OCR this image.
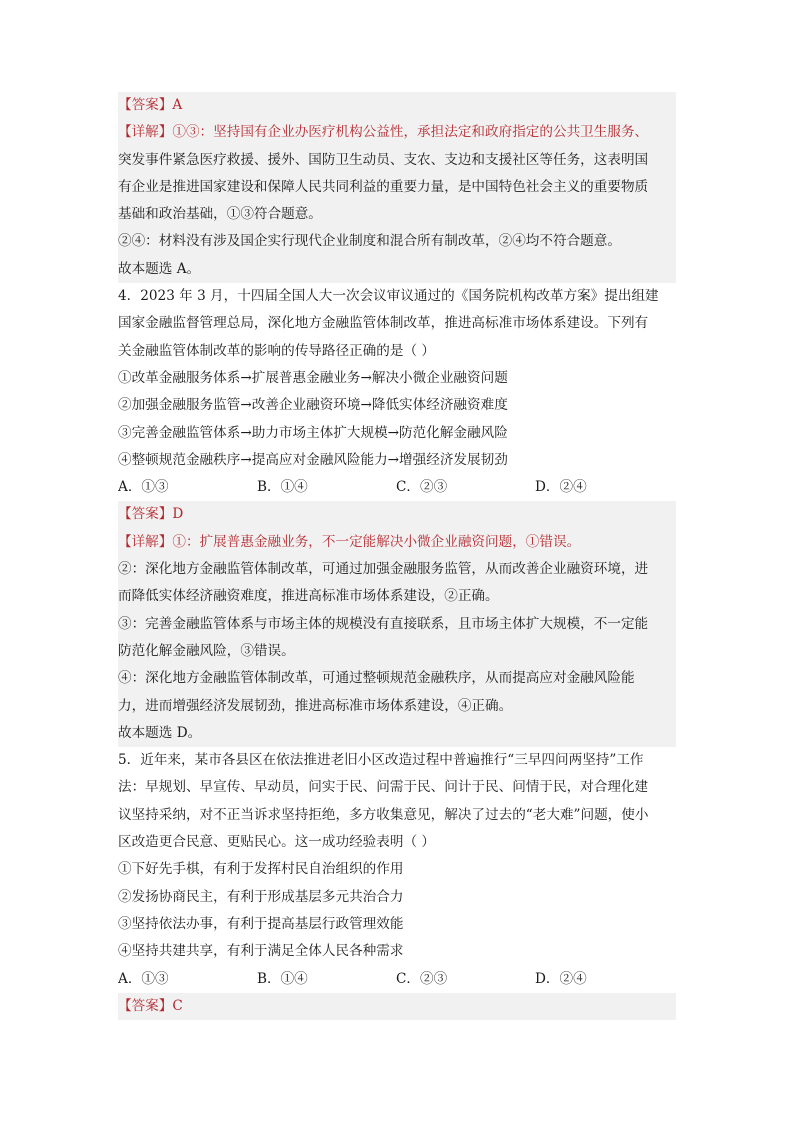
【答案】A
【详解】①③：坚持国有企业办医疗机构公益性，承担法定和政府指定的公共卫生服务、
突发事件紧急医疗救援、援外、国防卫生动员、支农、支边和支援社区等任务，这表明国
有企业是推进国家建设和保障人民共同利益的重要力量，是中国特色社会主义的重要物质
基础和政治基础，①③符合题意。
②④：材料没有涉及国企实行现代企业制度和混合所有制改革，②④均不符合题意。
故本题选 A。
4．2023 年 3 月，十四届全国人大一次会议审议通过的《国务院机构改革方案》提出组建
国家金融监督管理总局，深化地方金融监管体制改革，推进高标准市场体系建设。下列有
关金融监管体制改革的影响的传导路径正确的是（ ）
①改革金融服务体系→扩展普惠金融业务→解决小微企业融资问题
②加强金融服务监管→改善企业融资环境→降低实体经济融资难度
③完善金融监管体系→助力市场主体扩大规模→防范化解金融风险
④整顿规范金融秩序→提高应对金融风险能力→增强经济发展韧劲
A．①③	B．①④	C．②③	D．②④
【答案】D
【详解】①：扩展普惠金融业务，不一定能解决小微企业融资问题，①错误。
②：深化地方金融监管体制改革，可通过加强金融服务监管，从而改善企业融资环境，进
而降低实体经济融资难度，推进高标准市场体系建设，②正确。
③：完善金融监管体系与市场主体的规模没有直接联系，且市场主体扩大规模，不一定能
防范化解金融风险，③错误。
④：深化地方金融监管体制改革，可通过整顿规范金融秩序，从而提高应对金融风险能
力，进而增强经济发展韧劲，推进高标准市场体系建设，④正确。
故本题选 D。
5．近年来，某市各县区在依法推进老旧小区改造过程中普遍推行“三早四问两坚持”工作
法：早规划、早宣传、早动员，问实于民、问需于民、问计于民、问情于民，对合理化建
议坚持采纳，对不正当诉求坚持拒绝，多方收集意见，解决了过去的“老大难”问题，使小
区改造更合民意、更贴民心。这一成功经验表明（ ）
①下好先手棋，有利于发挥村民自治组织的作用
②发扬协商民主，有利于形成基层多元共治合力
③坚持依法办事，有利于提高基层行政管理效能
④坚持共建共享，有利于满足全体人民各种需求
A．①③	B．①④	C．②③	D．②④
【答案】C
